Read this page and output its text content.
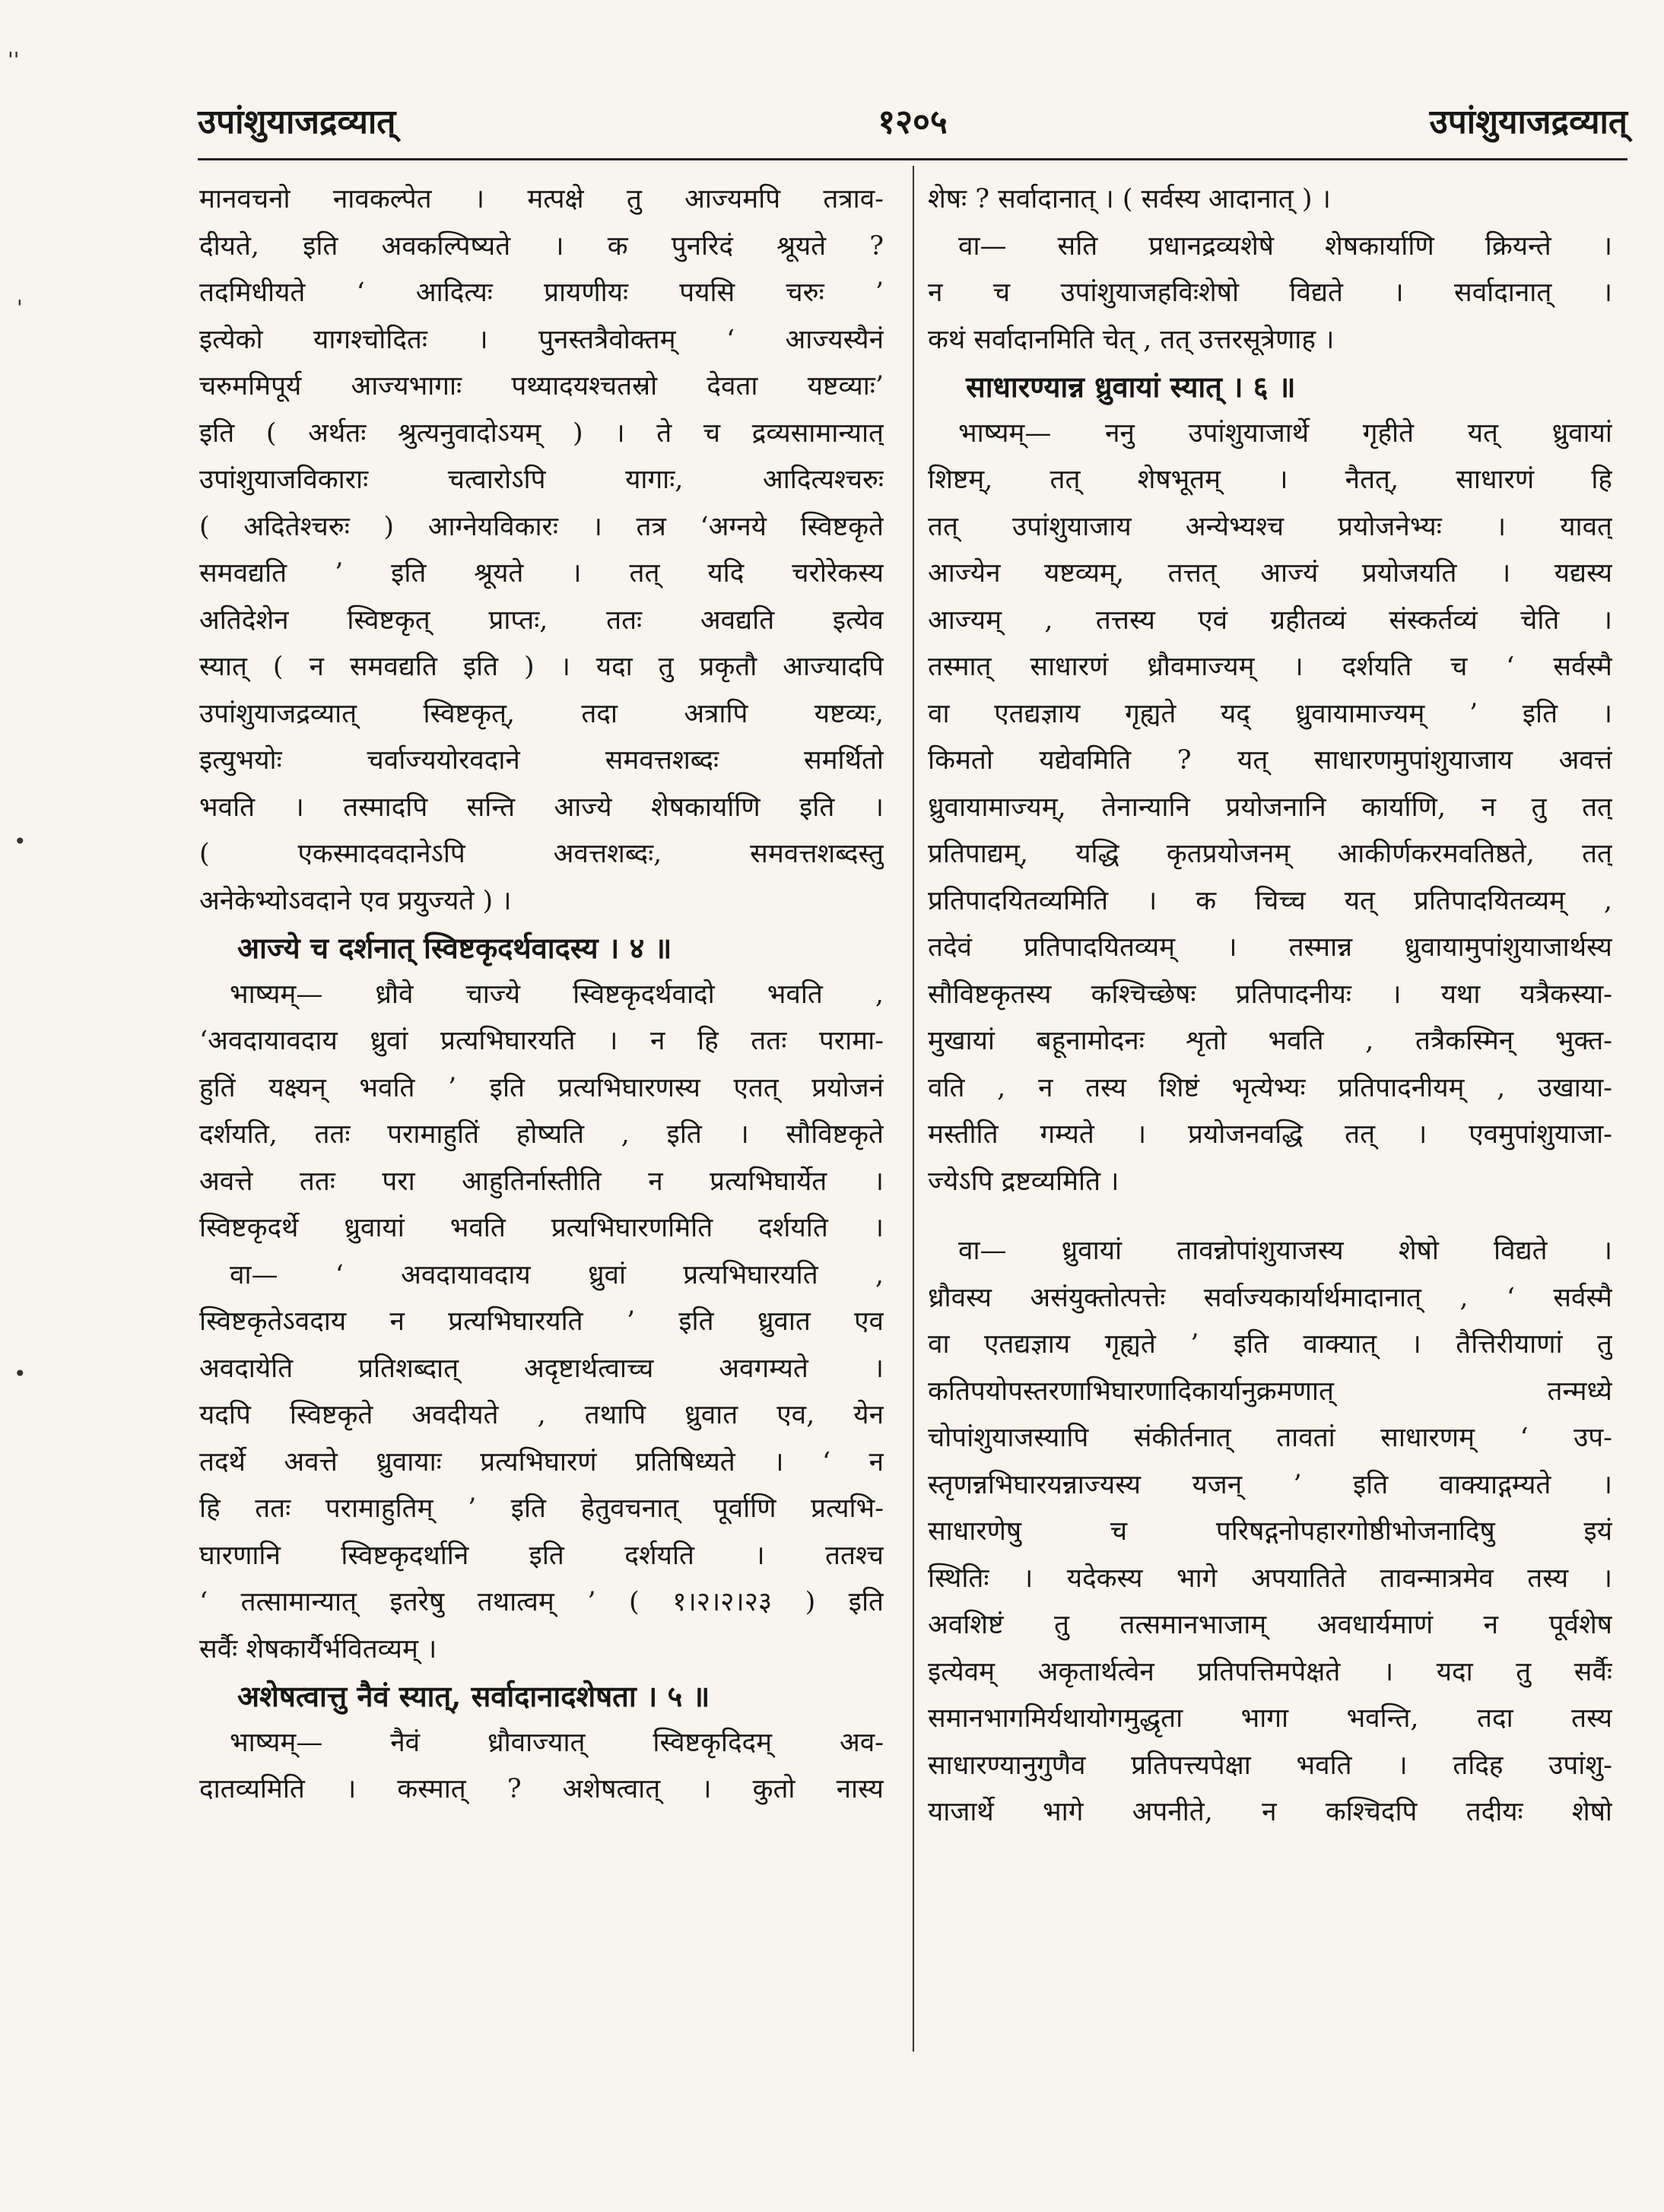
''
'
•
•
उपांशुयाजद्रव्यात्	१२०५	उपांशुयाजद्रव्यात्
मानवचनो नावकल्पेत । मत्पक्षे तु आज्यमपि तत्राव-
दीयते, इति अवकल्पिष्यते । क पुनरिदं श्रूयते ?
तदमिधीयते ‘ आदित्यः प्रायणीयः पयसि चरुः ’
इत्येको यागश्चोदितः । पुनस्तत्रैवोक्तम् ‘ आज्यस्यैनं
चरुममिपूर्य आज्यभागाः पथ्यादयश्चतस्रो देवता यष्टव्याः’
इति ( अर्थतः श्रुत्यनुवादोऽयम् ) । ते च द्रव्यसामान्यात्
उपांशुयाजविकाराः चत्वारोऽपि यागाः, आदित्यश्चरुः
( अदितेश्चरुः ) आग्नेयविकारः । तत्र ‘अग्नये स्विष्टकृते
समवद्यति ’ इति श्रूयते । तत् यदि चरोरेकस्य
अतिदेशेन स्विष्टकृत् प्राप्तः, ततः अवद्यति इत्येव
स्यात् ( न समवद्यति इति ) । यदा तु प्रकृतौ आज्यादपि
उपांशुयाजद्रव्यात् स्विष्टकृत्, तदा अत्रापि यष्टव्यः,
इत्युभयोः चर्वाज्ययोरवदाने समवत्तशब्दः समर्थितो
भवति । तस्मादपि सन्ति आज्ये शेषकार्याणि इति ।
( एकस्मादवदानेऽपि अवत्तशब्दः, समवत्तशब्दस्तु
अनेकेभ्योऽवदाने एव प्रयुज्यते ) ।
आज्ये च दर्शनात् स्विष्टकृदर्थवादस्य । ४ ॥
भाष्यम्— ध्रौवे चाज्ये स्विष्टकृदर्थवादो भवति ,
‘अवदायावदाय ध्रुवां प्रत्यभिघारयति । न हि ततः परामा-
हुतिं यक्ष्यन् भवति ’ इति प्रत्यभिघारणस्य एतत् प्रयोजनं
दर्शयति, ततः परामाहुतिं होष्यति , इति । सौविष्टकृते
अवत्ते ततः परा आहुतिर्नास्तीति न प्रत्यभिघार्येत ।
स्विष्टकृदर्थे ध्रुवायां भवति प्रत्यभिघारणमिति दर्शयति ।
वा— ‘ अवदायावदाय ध्रुवां प्रत्यभिघारयति ,
स्विष्टकृतेऽवदाय न प्रत्यभिघारयति ’ इति ध्रुवात एव
अवदायेति प्रतिशब्दात् अदृष्टार्थत्वाच्च अवगम्यते ।
यदपि स्विष्टकृते अवदीयते , तथापि ध्रुवात एव, येन
तदर्थे अवत्ते ध्रुवायाः प्रत्यभिघारणं प्रतिषिध्यते । ‘ न
हि ततः परामाहुतिम् ’ इति हेतुवचनात् पूर्वाणि प्रत्यभि-
घारणानि स्विष्टकृदर्थानि इति दर्शयति । ततश्च
‘ तत्सामान्यात् इतरेषु तथात्वम् ’ ( १।२।२।२३ ) इति
सर्वैः शेषकार्यैर्भवितव्यम् ।
अशेषत्वात्तु नैवं स्यात्, सर्वादानादशेषता । ५ ॥
भाष्यम्— नैवं ध्रौवाज्यात् स्विष्टकृदिदम् अव-
दातव्यमिति । कस्मात् ? अशेषत्वात् । कुतो नास्य
शेषः ? सर्वादानात् । ( सर्वस्य आदानात् ) ।
वा— सति प्रधानद्रव्यशेषे शेषकार्याणि क्रियन्ते ।
न च उपांशुयाजहविःशेषो विद्यते । सर्वादानात् ।
कथं सर्वादानमिति चेत् , तत् उत्तरसूत्रेणाह ।
साधारण्यान्न ध्रुवायां स्यात् । ६ ॥
भाष्यम्— ननु उपांशुयाजार्थे गृहीते यत् ध्रुवायां
शिष्टम्, तत् शेषभूतम् । नैतत्, साधारणं हि
तत् उपांशुयाजाय अन्येभ्यश्च प्रयोजनेभ्यः । यावत्
आज्येन यष्टव्यम्, तत्तत् आज्यं प्रयोजयति । यद्यस्य
आज्यम् , तत्तस्य एवं ग्रहीतव्यं संस्कर्तव्यं चेति ।
तस्मात् साधारणं ध्रौवमाज्यम् । दर्शयति च ‘ सर्वस्मै
वा एतद्यज्ञाय गृह्यते यद् ध्रुवायामाज्यम् ’ इति ।
किमतो यद्येवमिति ? यत् साधारणमुपांशुयाजाय अवत्तं
ध्रुवायामाज्यम्, तेनान्यानि प्रयोजनानि कार्याणि, न तु तत्
प्रतिपाद्यम्, यद्धि कृतप्रयोजनम् आकीर्णकरमवतिष्ठते, तत्
प्रतिपादयितव्यमिति । क चिच्च यत् प्रतिपादयितव्यम् ,
तदेवं प्रतिपादयितव्यम् । तस्मान्न ध्रुवायामुपांशुयाजार्थस्य
सौविष्टकृतस्य कश्चिच्छेषः प्रतिपादनीयः । यथा यत्रैकस्या-
मुखायां बहूनामोदनः शृतो भवति , तत्रैकस्मिन् भुक्त-
वति , न तस्य शिष्टं भृत्येभ्यः प्रतिपादनीयम् , उखाया-
मस्तीति गम्यते । प्रयोजनवद्धि तत् । एवमुपांशुयाजा-
ज्येऽपि द्रष्टव्यमिति ।
वा— ध्रुवायां तावन्नोपांशुयाजस्य शेषो विद्यते ।
ध्रौवस्य असंयुक्तोत्पत्तेः सर्वाज्यकार्यार्थमादानात् , ‘ सर्वस्मै
वा एतद्यज्ञाय गृह्यते ’ इति वाक्यात् । तैत्तिरीयाणां तु
कतिपयोपस्तरणाभिघारणादिकार्यानुक्रमणात् तन्मध्ये
चोपांशुयाजस्यापि संकीर्तनात् तावतां साधारणम् ‘ उप-
स्तृणन्नभिघारयन्नाज्यस्य यजन् ’ इति वाक्याद्गम्यते ।
साधारणेषु च परिषद्गनोपहारगोष्ठीभोजनादिषु इयं
स्थितिः । यदेकस्य भागे अपयातिते तावन्मात्रमेव तस्य ।
अवशिष्टं तु तत्समानभाजाम् अवधार्यमाणं न पूर्वशेष
इत्येवम् अकृतार्थत्वेन प्रतिपत्तिमपेक्षते । यदा तु सर्वैः
समानभागमिर्यथायोगमुद्धृता भागा भवन्ति, तदा तस्य
साधारण्यानुगुणैव प्रतिपत्त्यपेक्षा भवति । तदिह उपांशु-
याजार्थे भागे अपनीते, न कश्चिदपि तदीयः शेषो
